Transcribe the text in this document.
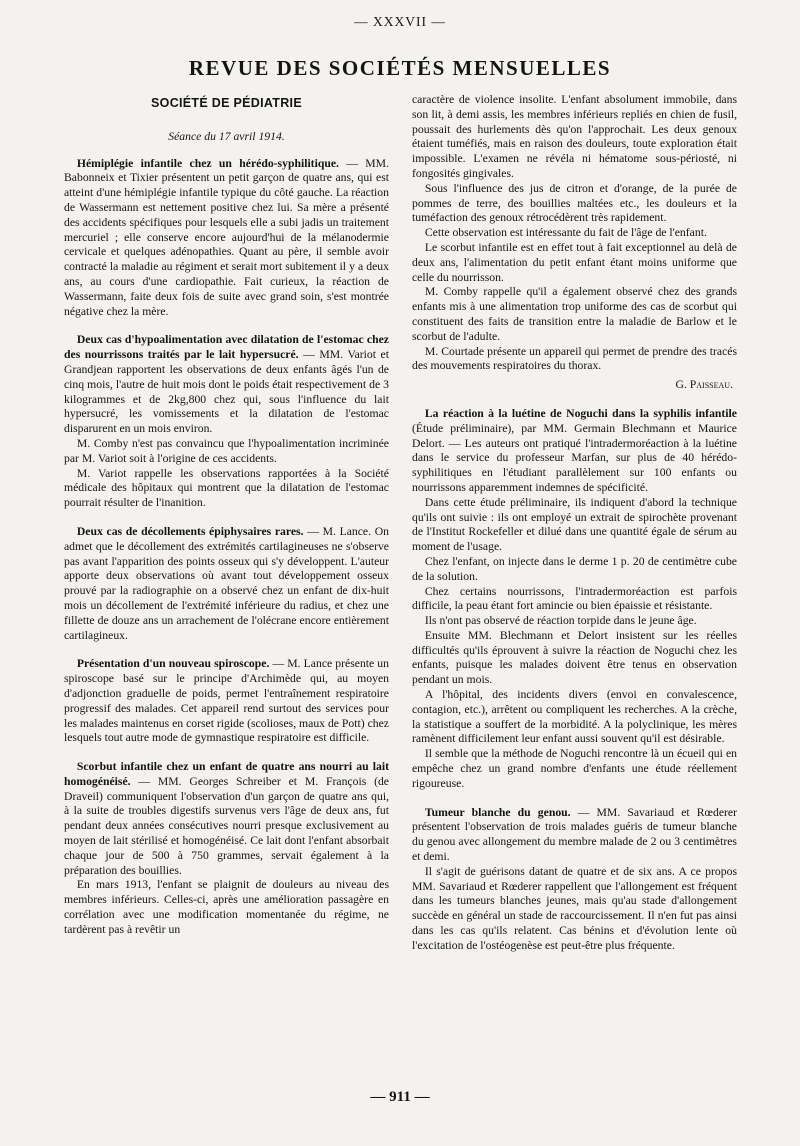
— XXXVII —
REVUE DES SOCIÉTÉS MENSUELLES
SOCIÉTÉ DE PÉDIATRIE
Séance du 17 avril 1914.

Hémiplégie infantile chez un hérédo-syphilitique. — MM. Babonneix et Tixier présentent un petit garçon de quatre ans, qui est atteint d'une hémiplégie infantile typique du côté gauche. La réaction de Wassermann est nettement positive chez lui. Sa mère a présenté des accidents spécifiques pour lesquels elle a subi jadis un traitement mercuriel ; elle conserve encore aujourd'hui de la mélanodermie cervicale et quelques adénopathies. Quant au père, il semble avoir contracté la maladie au régiment et serait mort subitement il y a deux ans, au cours d'une cardiopathie. Fait curieux, la réaction de Wassermann, faite deux fois de suite avec grand soin, s'est montrée négative chez la mère.

Deux cas d'hypoalimentation avec dilatation de l'estomac chez des nourrissons traités par le lait hypersucré. — MM. Variot et Grandjean rapportent les observations de deux enfants âgés l'un de cinq mois, l'autre de huit mois dont le poids était respectivement de 3 kilogrammes et de 2kg,800 chez qui, sous l'influence du lait hypersucré, les vomissements et la dilatation de l'estomac disparurent en un mois environ.

M. Comby n'est pas convaincu que l'hypoalimentation incriminée par M. Variot soit à l'origine de ces accidents.

M. Variot rappelle les observations rapportées à la Société médicale des hôpitaux qui montrent que la dilatation de l'estomac pourrait résulter de l'inanition.

Deux cas de décollements épiphysaires rares. — M. Lance. On admet que le décollement des extrémités cartilagineuses ne s'observe pas avant l'apparition des points osseux qui s'y développent. L'auteur apporte deux observations où avant tout développement osseux prouvé par la radiographie on a observé chez un enfant de dix-huit mois un décollement de l'extrémité inférieure du radius, et chez une fillette de douze ans un arrachement de l'olécrane encore entièrement cartilagineux.

Présentation d'un nouveau spiroscope. — M. Lance présente un spiroscope basé sur le principe d'Archimède qui, au moyen d'adjonction graduelle de poids, permet l'entraînement respiratoire progressif des malades. Cet appareil rend surtout des services pour les malades maintenus en corset rigide (scolioses, maux de Pott) chez lesquels tout autre mode de gymnastique respiratoire est difficile.

Scorbut infantile chez un enfant de quatre ans nourri au lait homogénéisé. — MM. Georges Schreiber et M. François (de Draveil) communiquent l'observation d'un garçon de quatre ans qui, à la suite de troubles digestifs survenus vers l'âge de deux ans, fut pendant deux années consécutives nourri presque exclusivement au moyen de lait stérilisé et homogénéisé. Ce lait dont l'enfant absorbait chaque jour de 500 à 750 grammes, servait également à la préparation des bouillies.

En mars 1913, l'enfant se plaignit de douleurs au niveau des membres inférieurs. Celles-ci, après une amélioration passagère en corrélation avec une modification momentanée du régime, ne tardèrent pas à revêtir un

caractère de violence insolite. L'enfant absolument immobile, dans son lit, à demi assis, les membres inférieurs repliés en chien de fusil, poussait des hurlements dès qu'on l'approchait. Les deux genoux étaient tuméfiés, mais en raison des douleurs, toute exploration était impossible. L'examen ne révéla ni hématome sous-périosté, ni fongosités gingivales.

Sous l'influence des jus de citron et d'orange, de la purée de pommes de terre, des bouillies maltées etc., les douleurs et la tuméfaction des genoux rétrocédèrent très rapidement.

Cette observation est intéressante du fait de l'âge de l'enfant.

Le scorbut infantile est en effet tout à fait exceptionnel au delà de deux ans, l'alimentation du petit enfant étant moins uniforme que celle du nourrisson.

M. Comby rappelle qu'il a également observé chez des grands enfants mis à une alimentation trop uniforme des cas de scorbut qui constituent des faits de transition entre la maladie de Barlow et le scorbut de l'adulte.

M. Courtade présente un appareil qui permet de prendre des tracés des mouvements respiratoires du thorax.

G. Paisseau.

La réaction à la luétine de Noguchi dans la syphilis infantile (Étude préliminaire), par MM. Germain Blechmann et Maurice Delort. — Les auteurs ont pratiqué l'intradermoréaction à la luétine dans le service du professeur Marfan, sur plus de 40 hérédo-syphilitiques en l'étudiant parallèlement sur 100 enfants ou nourrissons apparemment indemnes de spécificité.

Dans cette étude préliminaire, ils indiquent d'abord la technique qu'ils ont suivie : ils ont employé un extrait de spirochète provenant de l'Institut Rockefeller et dilué dans une quantité égale de sérum au moment de l'usage.

Chez l'enfant, on injecte dans le derme 1 p. 20 de centimètre cube de la solution.

Chez certains nourrissons, l'intradermoréaction est parfois difficile, la peau étant fort amincie ou bien épaissie et résistante.

Ils n'ont pas observé de réaction torpide dans le jeune âge.

Ensuite MM. Blechmann et Delort insistent sur les réelles difficultés qu'ils éprouvent à suivre la réaction de Noguchi chez les enfants, puisque les malades doivent être tenus en observation pendant un mois.

A l'hôpital, des incidents divers (envoi en convalescence, contagion, etc.), arrêtent ou compliquent les recherches. A la crèche, la statistique a souffert de la morbidité. A la polyclinique, les mères ramènent difficilement leur enfant aussi souvent qu'il est désirable.

Il semble que la méthode de Noguchi rencontre là un écueil qui en empêche chez un grand nombre d'enfants une étude réellement rigoureuse.

Tumeur blanche du genou. — MM. Savariaud et Rœderer présentent l'observation de trois malades guéris de tumeur blanche du genou avec allongement du membre malade de 2 ou 3 centimètres et demi.

Il s'agit de guérisons datant de quatre et de six ans. A ce propos MM. Savariaud et Rœderer rappellent que l'allongement est fréquent dans les tumeurs blanches jeunes, mais qu'au stade d'allongement succède en général un stade de raccourcissement. Il n'en fut pas ainsi dans les cas qu'ils relatent. Cas bénins et d'évolution lente où l'excitation de l'ostéogenèse est peut-être plus fréquente.

— 911 —
